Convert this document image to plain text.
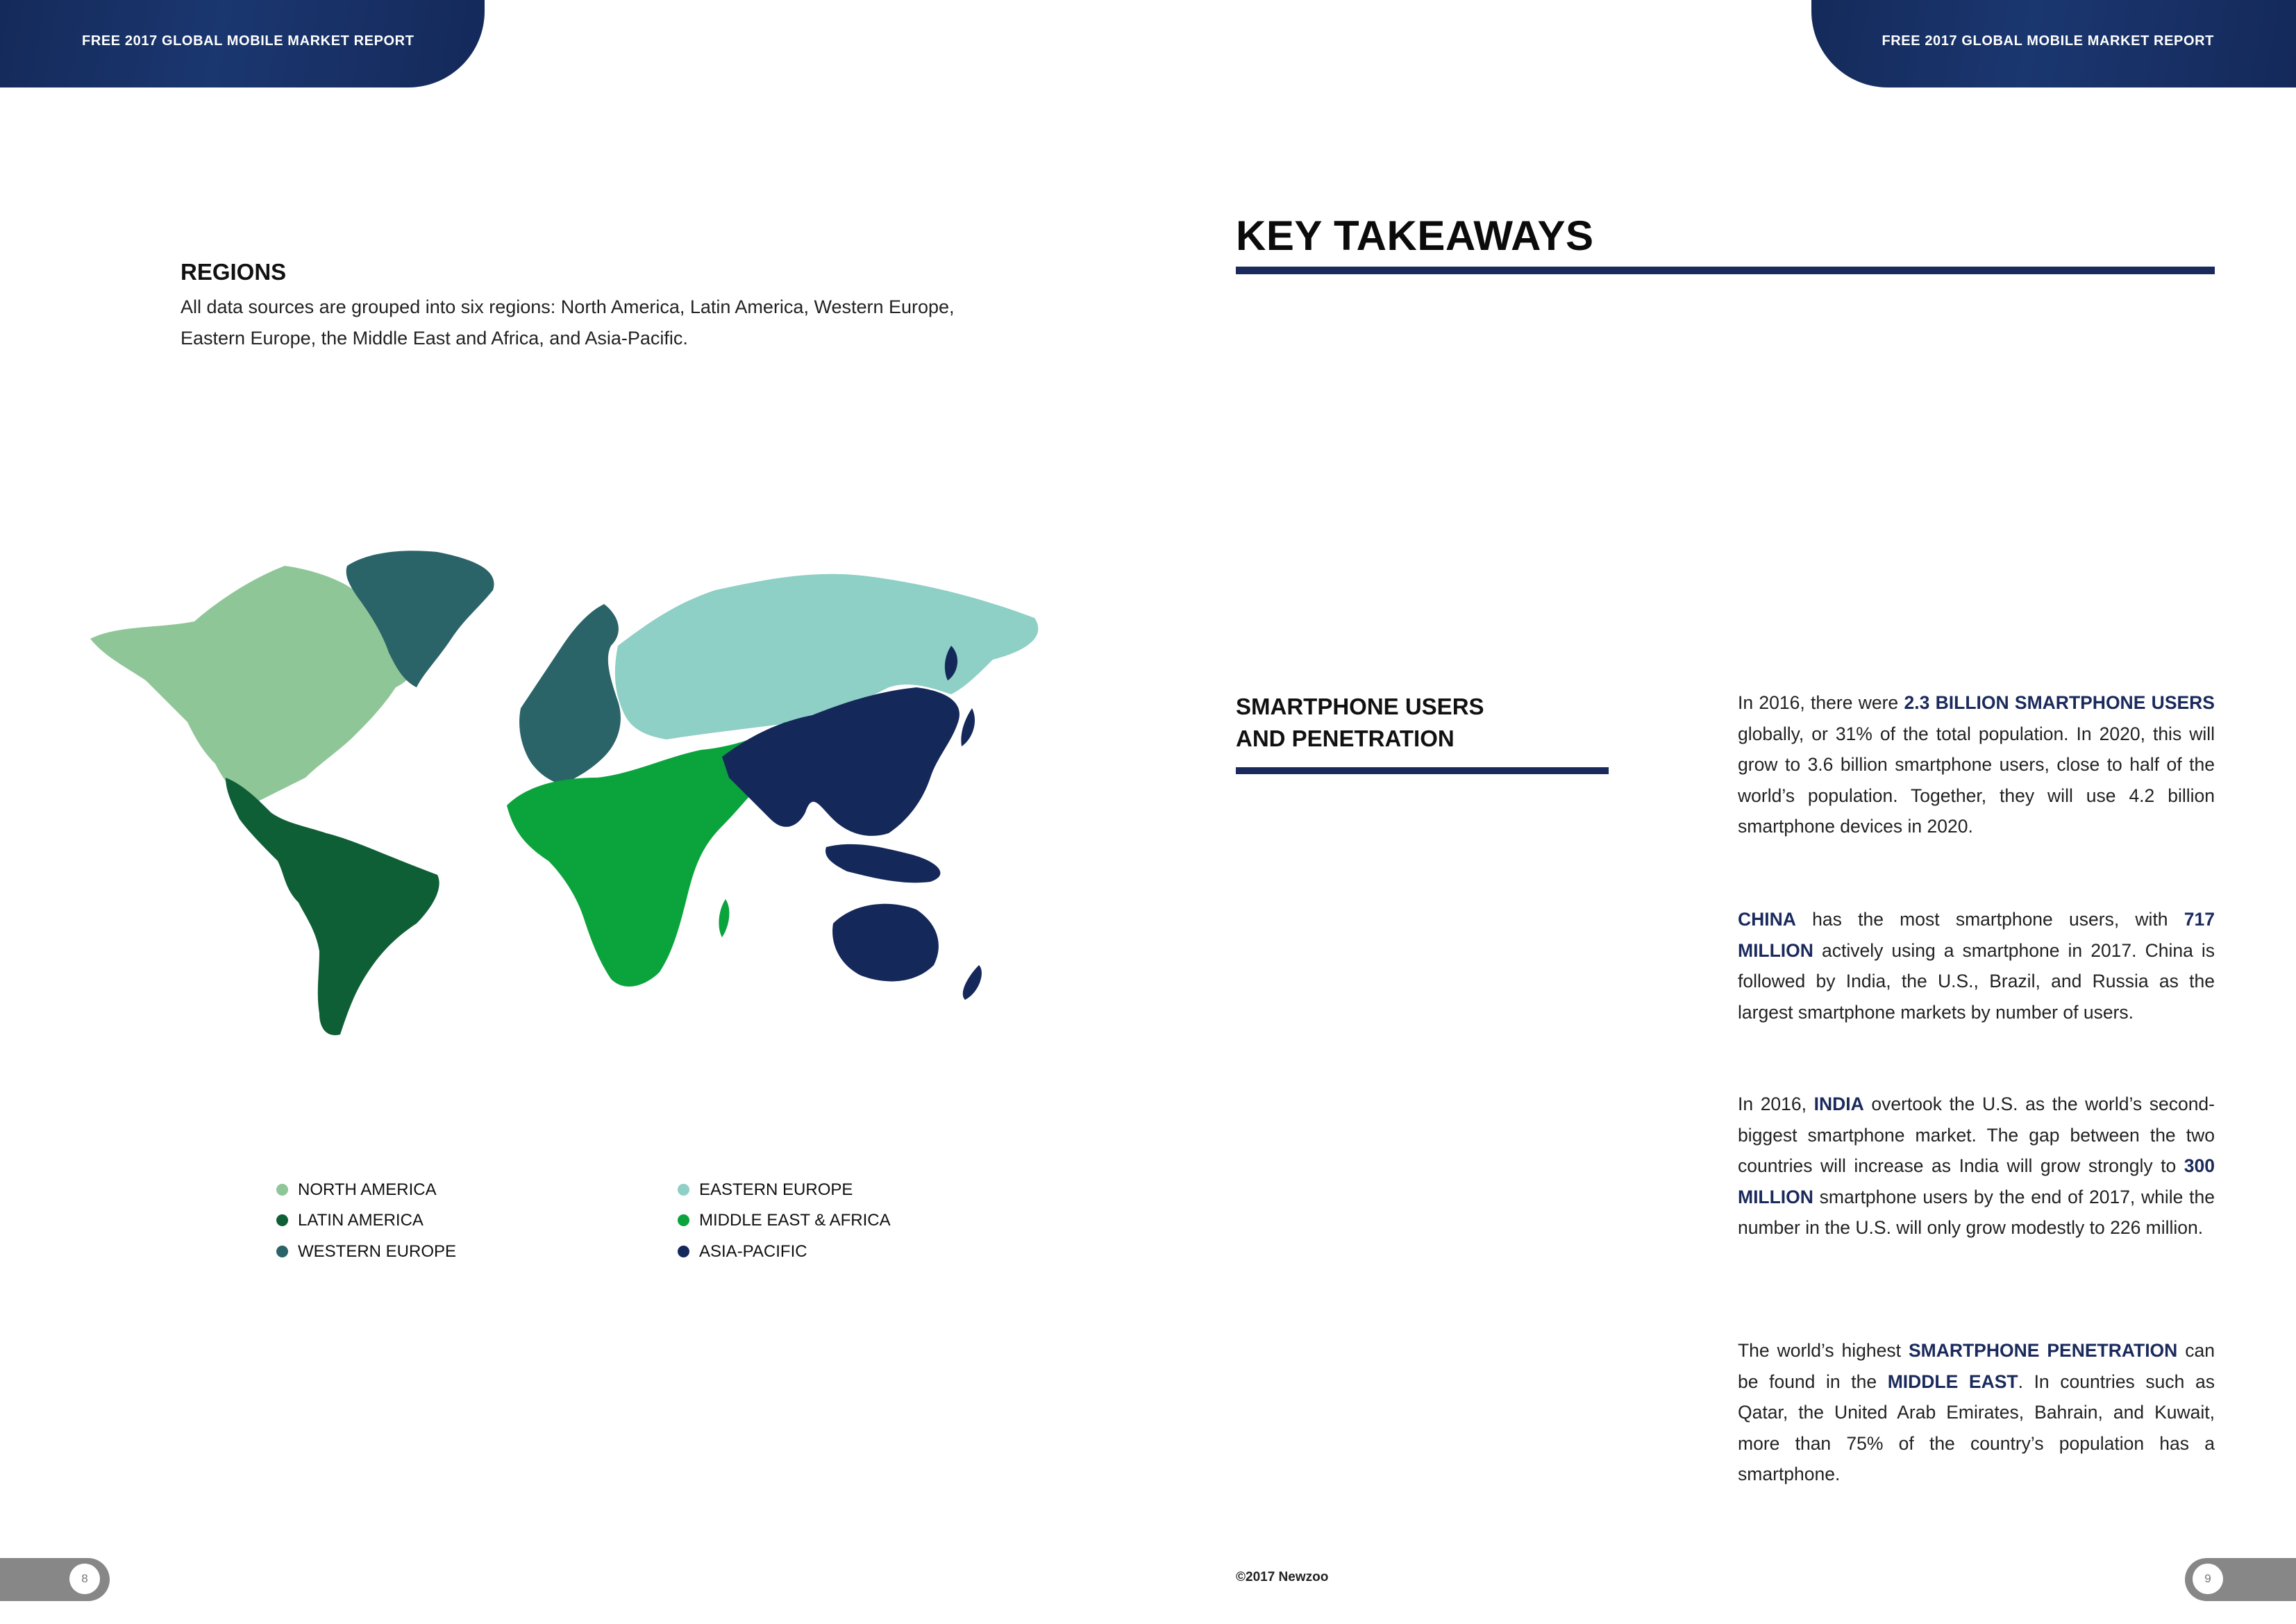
FREE 2017 GLOBAL MOBILE MARKET REPORT	FREE 2017 GLOBAL MOBILE MARKET REPORT
REGIONS
All data sources are grouped into six regions: North America, Latin America, Western Europe, Eastern Europe, the Middle East and Africa, and Asia-Pacific.
NORTH AMERICA
LATIN AMERICA
WESTERN EUROPE
EASTERN EUROPE
MIDDLE EAST & AFRICA
ASIA-PACIFIC
KEY TAKEAWAYS
SMARTPHONE USERS
AND PENETRATION
In 2016, there were 2.3 BILLION SMARTPHONE USERS globally, or 31% of the total population. In 2020, this will grow to 3.6 billion smartphone users, close to half of the world’s population. Together, they will use 4.2 billion smartphone devices in 2020.
CHINA has the most smartphone users, with 717 MILLION actively using a smartphone in 2017. China is followed by India, the U.S., Brazil, and Russia as the largest smartphone markets by number of users.
In 2016, INDIA overtook the U.S. as the world’s second-biggest smartphone market. The gap between the two countries will increase as India will grow strongly to 300 MILLION smartphone users by the end of 2017, while the number in the U.S. will only grow modestly to 226 million.
The world’s highest SMARTPHONE PENETRATION can be found in the MIDDLE EAST. In countries such as Qatar, the United Arab Emirates, Bahrain, and Kuwait, more than 75% of the country’s population has a smartphone.
8	©2017 Newzoo	9
